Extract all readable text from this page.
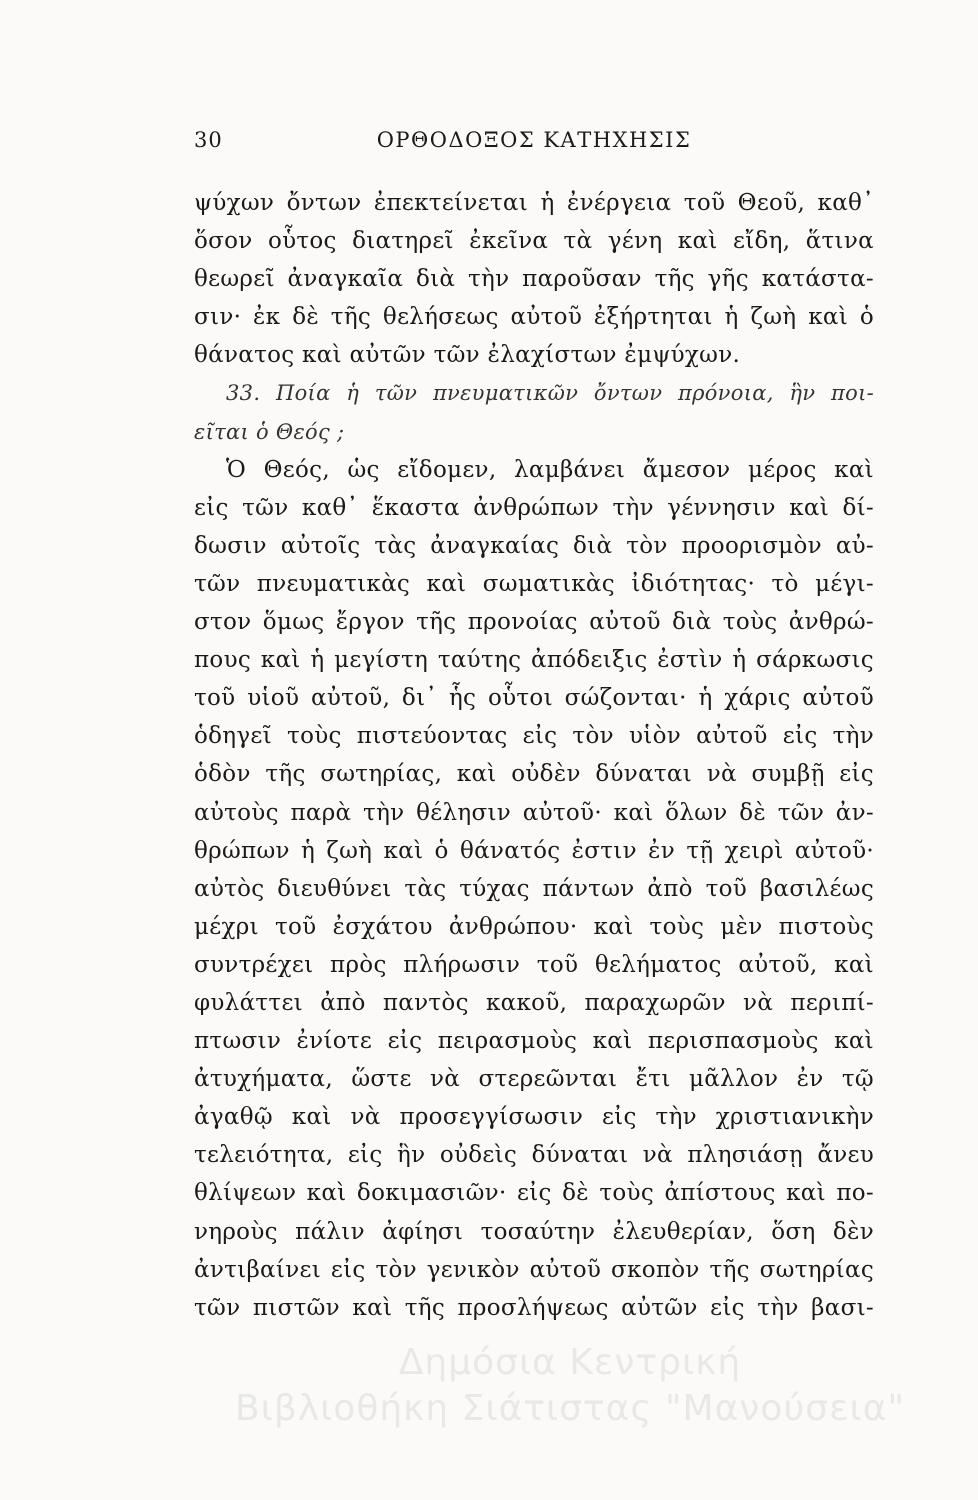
30	ΟΡΘΟΔΟΞΟΣ ΚΑΤΗΧΗΣΙΣ
ψύχων ὄντων ἐπεκτείνεται ἡ ἐνέργεια τοῦ Θεοῦ, καθ᾽
ὅσον οὗτος διατηρεῖ ἐκεῖνα τὰ γένη καὶ εἴδη, ἅτινα
θεωρεῖ ἀναγκαῖα διὰ τὴν παροῦσαν τῆς γῆς κατάστα-
σιν· ἐκ δὲ τῆς θελήσεως αὐτοῦ ἐξήρτηται ἡ ζωὴ καὶ ὁ
θάνατος καὶ αὐτῶν τῶν ἐλαχίστων ἐμψύχων.
33. Ποία ἡ τῶν πνευματικῶν ὄντων πρόνοια, ἣν ποι-
εῖται ὁ Θεός ;
Ὁ Θεός, ὡς εἴδομεν, λαμβάνει ἄμεσον μέρος καὶ
εἰς τῶν καθ᾽ ἕκαστα ἀνθρώπων τὴν γέννησιν καὶ δί-
δωσιν αὐτοῖς τὰς ἀναγκαίας διὰ τὸν προορισμὸν αὐ-
τῶν πνευματικὰς καὶ σωματικὰς ἰδιότητας· τὸ μέγι-
στον ὅμως ἔργον τῆς προνοίας αὐτοῦ διὰ τοὺς ἀνθρώ-
πους καὶ ἡ μεγίστη ταύτης ἀπόδειξις ἐστὶν ἡ σάρκωσις
τοῦ υἱοῦ αὐτοῦ, δι᾽ ἧς οὗτοι σώζονται· ἡ χάρις αὐτοῦ
ὁδηγεῖ τοὺς πιστεύοντας εἰς τὸν υἱὸν αὐτοῦ εἰς τὴν
ὁδὸν τῆς σωτηρίας, καὶ οὐδὲν δύναται νὰ συμβῇ εἰς
αὐτοὺς παρὰ τὴν θέλησιν αὐτοῦ· καὶ ὅλων δὲ τῶν ἀν-
θρώπων ἡ ζωὴ καὶ ὁ θάνατός ἐστιν ἐν τῇ χειρὶ αὐτοῦ·
αὐτὸς διευθύνει τὰς τύχας πάντων ἀπὸ τοῦ βασιλέως
μέχρι τοῦ ἐσχάτου ἀνθρώπου· καὶ τοὺς μὲν πιστοὺς
συντρέχει πρὸς πλήρωσιν τοῦ θελήματος αὐτοῦ, καὶ
φυλάττει ἀπὸ παντὸς κακοῦ, παραχωρῶν νὰ περιπί-
πτωσιν ἐνίοτε εἰς πειρασμοὺς καὶ περισπασμοὺς καὶ
ἀτυχήματα, ὥστε νὰ στερεῶνται ἔτι μᾶλλον ἐν τῷ
ἀγαθῷ καὶ νὰ προσεγγίσωσιν εἰς τὴν χριστιανικὴν
τελειότητα, εἰς ἣν οὐδεὶς δύναται νὰ πλησιάσῃ ἄνευ
θλίψεων καὶ δοκιμασιῶν· εἰς δὲ τοὺς ἀπίστους καὶ πο-
νηροὺς πάλιν ἀφίησι τοσαύτην ἐλευθερίαν, ὅση δὲν
ἀντιβαίνει εἰς τὸν γενικὸν αὐτοῦ σκοπὸν τῆς σωτηρίας
τῶν πιστῶν καὶ τῆς προσλήψεως αὐτῶν εἰς τὴν βασι-
Δημόσια Κεντρική
Βιβλιοθήκη Σιάτιστας "Μανούσεια"
